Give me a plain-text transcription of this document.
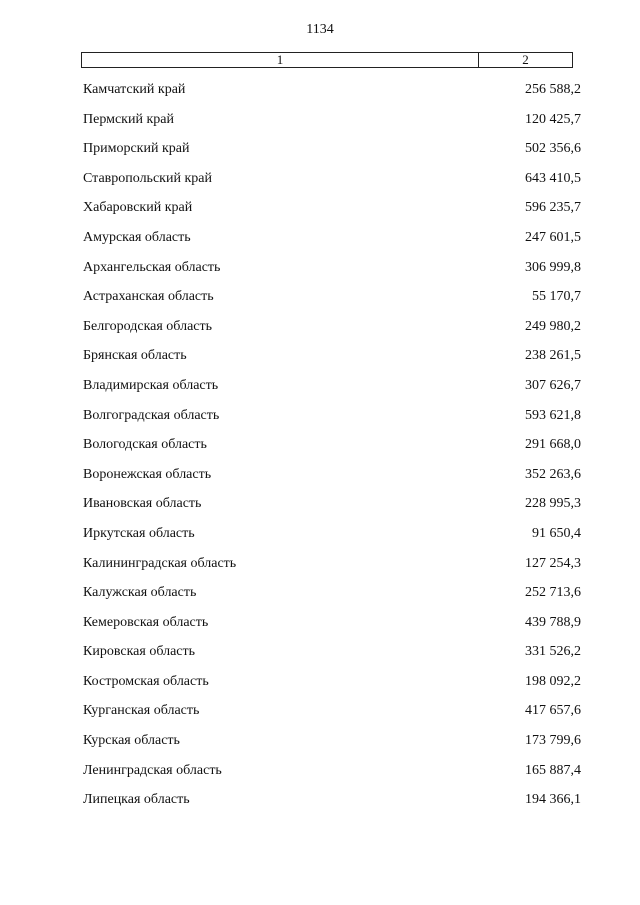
1134
1	2
Камчатский край	256 588,2
Пермский край	120 425,7
Приморский край	502 356,6
Ставропольский край	643 410,5
Хабаровский край	596 235,7
Амурская область	247 601,5
Архангельская область	306 999,8
Астраханская область	55 170,7
Белгородская область	249 980,2
Брянская область	238 261,5
Владимирская область	307 626,7
Волгоградская область	593 621,8
Вологодская область	291 668,0
Воронежская область	352 263,6
Ивановская область	228 995,3
Иркутская область	91 650,4
Калининградская область	127 254,3
Калужская область	252 713,6
Кемеровская область	439 788,9
Кировская область	331 526,2
Костромская область	198 092,2
Курганская область	417 657,6
Курская область	173 799,6
Ленинградская область	165 887,4
Липецкая область	194 366,1
